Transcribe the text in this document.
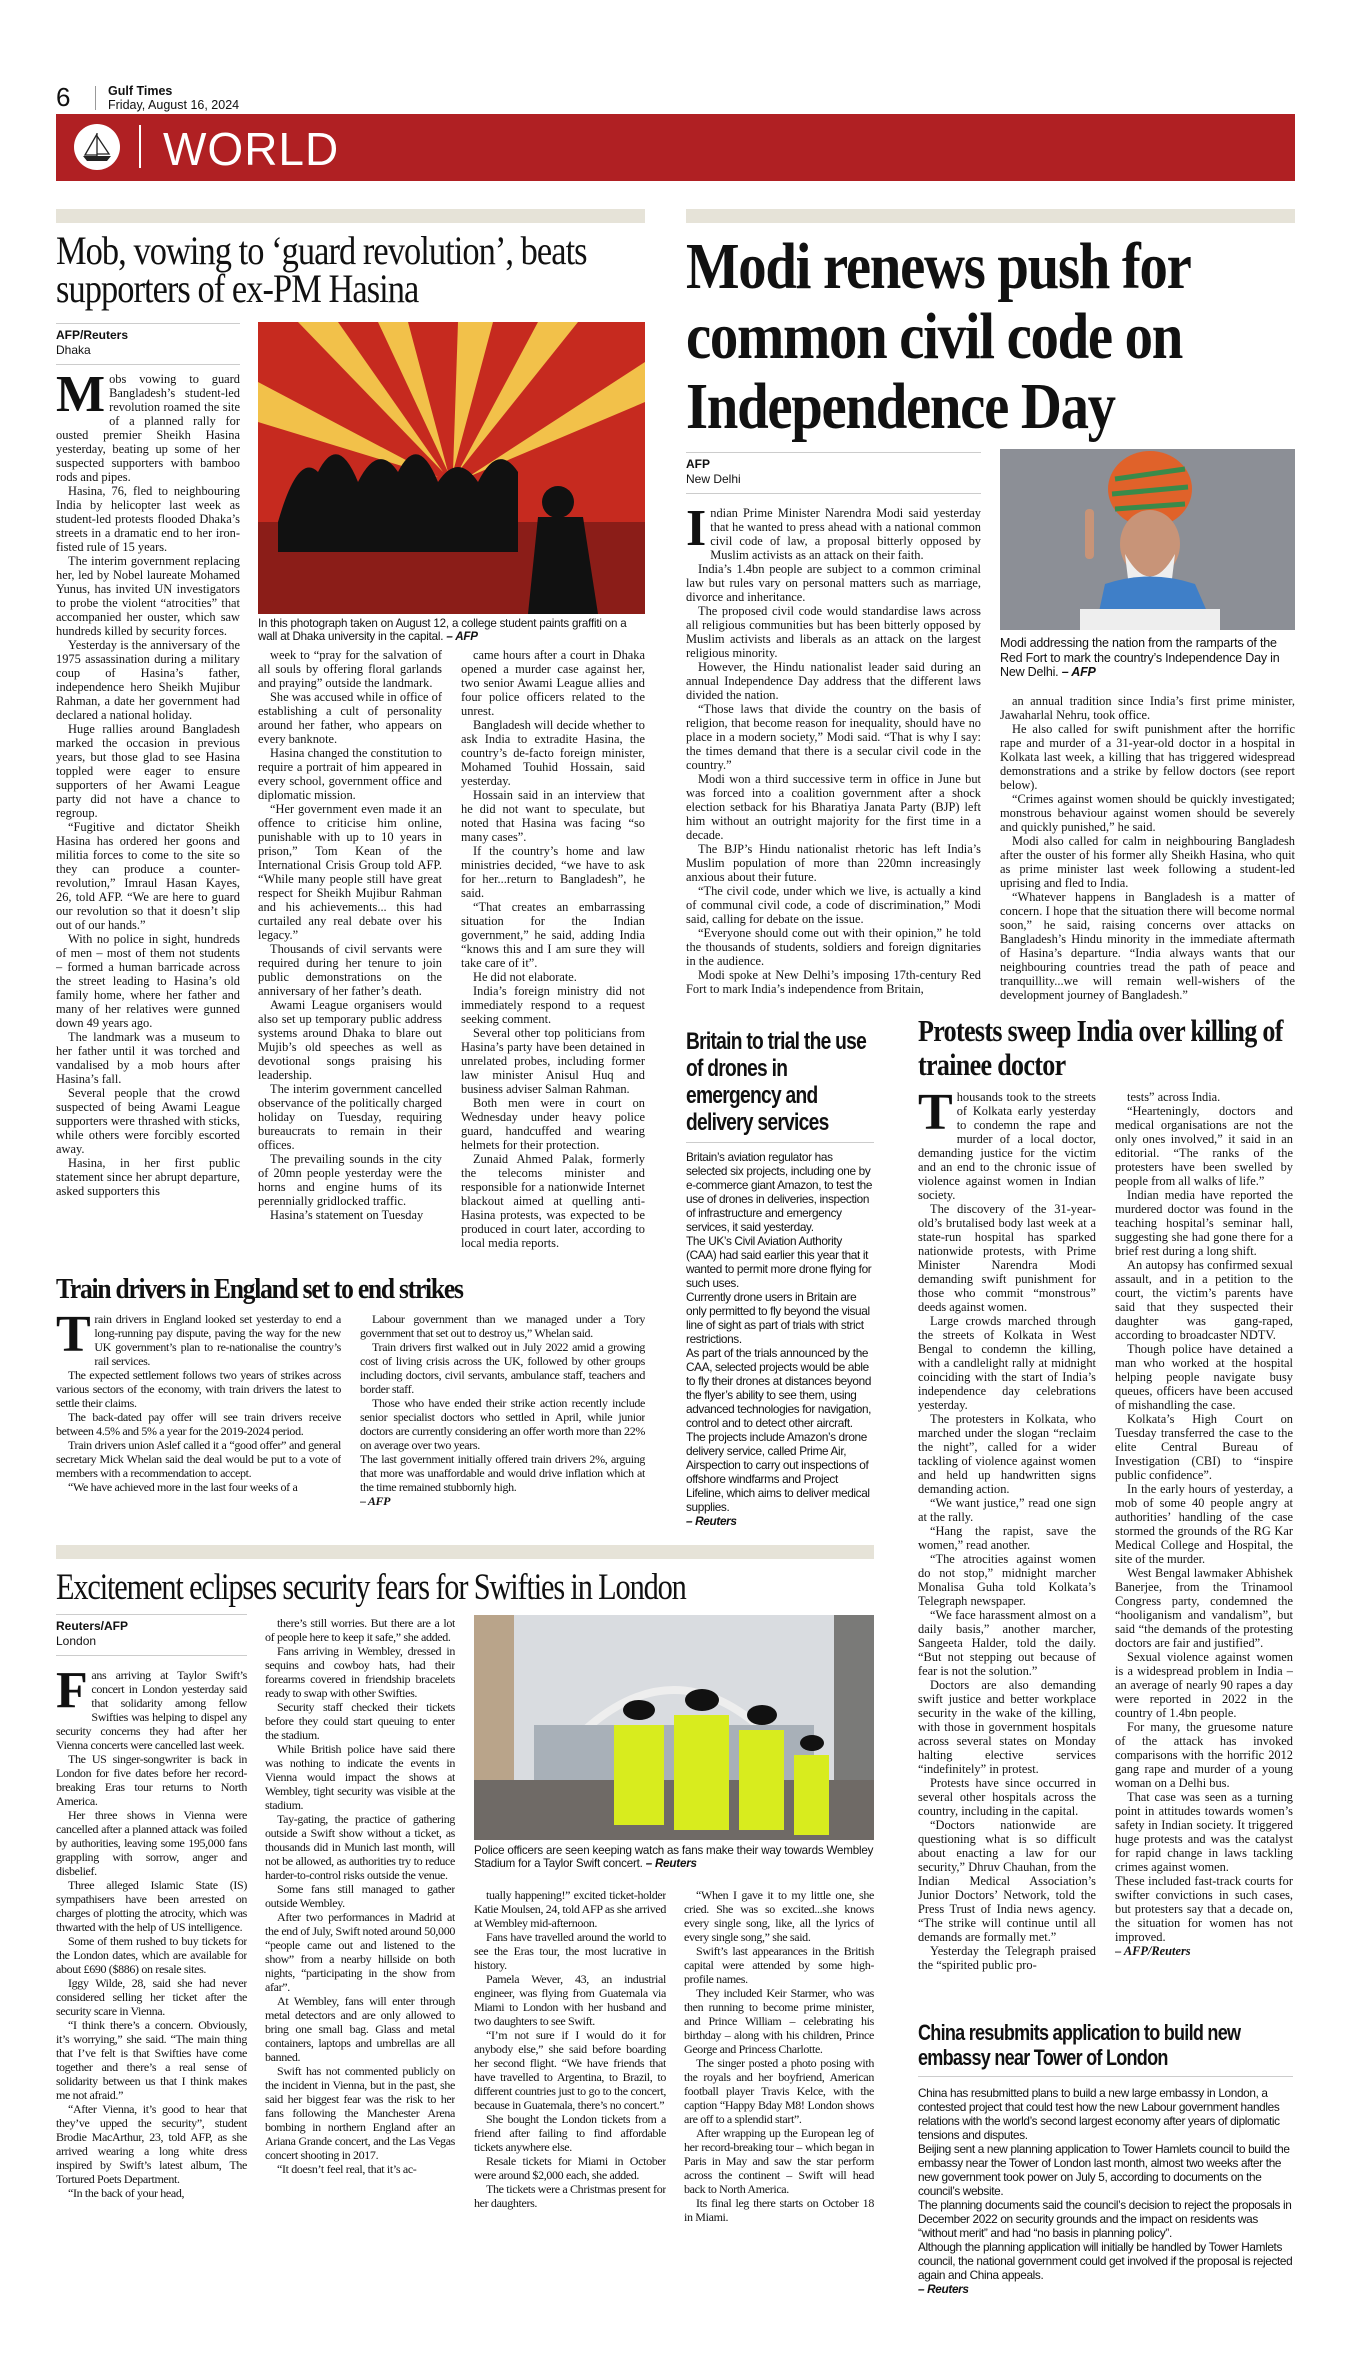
6	Gulf Times
Friday, August 16, 2024
WORLD
Mob, vowing to ‘guard revolution’, beats supporters of ex-PM Hasina
AFP/Reuters
Dhaka
M obs vowing to guard Bangladesh’s student-led revolution roamed the site of a planned rally for ousted premier Sheikh Hasina yesterday, beating up some of her suspected supporters with bamboo rods and pipes.

Hasina, 76, fled to neighbouring India by helicopter last week as student-led protests flooded Dhaka’s streets in a dramatic end to her iron-fisted rule of 15 years.

The interim government replacing her, led by Nobel laureate Mohamed Yunus, has invited UN investigators to probe the violent “atrocities” that accompanied her ouster, which saw hundreds killed by security forces.

Yesterday is the anniversary of the 1975 assassination during a military coup of Hasina’s father, independence hero Sheikh Mujibur Rahman, a date her government had declared a national holiday.

Huge rallies around Bangladesh marked the occasion in previous years, but those glad to see Hasina toppled were eager to ensure supporters of her Awami League party did not have a chance to regroup.

“Fugitive and dictator Sheikh Hasina has ordered her goons and militia forces to come to the site so they can produce a counter-revolution,” Imraul Hasan Kayes, 26, told AFP. “We are here to guard our revolution so that it doesn’t slip out of our hands.”

With no police in sight, hundreds of men – most of them not students – formed a human barricade across the street leading to Hasina’s old family home, where her father and many of her relatives were gunned down 49 years ago.

The landmark was a museum to her father until it was torched and vandalised by a mob hours after Hasina’s fall.

Several people that the crowd suspected of being Awami League supporters were thrashed with sticks, while others were forcibly escorted away.

Hasina, in her first public statement since her abrupt departure, asked supporters this

In this photograph taken on August 12, a college student paints graffiti on a wall at Dhaka university in the capital. – AFP

week to “pray for the salvation of all souls by offering floral garlands and praying” outside the landmark.

She was accused while in office of establishing a cult of personality around her father, who appears on every banknote.

Hasina changed the constitution to require a portrait of him appeared in every school, government office and diplomatic mission.

“Her government even made it an offence to criticise him online, punishable with up to 10 years in prison,” Tom Kean of the International Crisis Group told AFP. “While many people still have great respect for Sheikh Mujibur Rahman and his achievements... this had curtailed any real debate over his legacy.”

Thousands of civil servants were required during her tenure to join public demonstrations on the anniversary of her father’s death.

Awami League organisers would also set up temporary public address systems around Dhaka to blare out Mujib’s old speeches as well as devotional songs praising his leadership.

The interim government cancelled observance of the politically charged holiday on Tuesday, requiring bureaucrats to remain in their offices.

The prevailing sounds in the city of 20mn people yesterday were the horns and engine hums of its perennially gridlocked traffic.

Hasina’s statement on Tuesday

came hours after a court in Dhaka opened a murder case against her, two senior Awami League allies and four police officers related to the unrest.

Bangladesh will decide whether to ask India to extradite Hasina, the country’s de-facto foreign minister, Mohamed Touhid Hossain, said yesterday.

Hossain said in an interview that he did not want to speculate, but noted that Hasina was facing “so many cases”.

If the country’s home and law ministries decided, “we have to ask for her...return to Bangladesh”, he said.

“That creates an embarrassing situation for the Indian government,” he said, adding India “knows this and I am sure they will take care of it”.

He did not elaborate.

India’s foreign ministry did not immediately respond to a request seeking comment.

Several other top politicians from Hasina’s party have been detained in unrelated probes, including former law minister Anisul Huq and business adviser Salman Rahman.

Both men were in court on Wednesday under heavy police guard, handcuffed and wearing helmets for their protection.

Zunaid Ahmed Palak, formerly the telecoms minister and responsible for a nationwide Internet blackout aimed at quelling anti-Hasina protests, was expected to be produced in court later, according to local media reports.

Modi renews push for common civil code on Independence Day
AFP
New Delhi
I ndian Prime Minister Narendra Modi said yesterday that he wanted to press ahead with a national common civil code of law, a proposal bitterly opposed by Muslim activists as an attack on their faith.

India’s 1.4bn people are subject to a common criminal law but rules vary on personal matters such as marriage, divorce and inheritance.

The proposed civil code would standardise laws across all religious communities but has been bitterly opposed by Muslim activists and liberals as an attack on the largest religious minority.

However, the Hindu nationalist leader said during an annual Independence Day address that the different laws divided the nation.

“Those laws that divide the country on the basis of religion, that become reason for inequality, should have no place in a modern society,” Modi said. “That is why I say: the times demand that there is a secular civil code in the country.”

Modi won a third successive term in office in June but was forced into a coalition government after a shock election setback for his Bharatiya Janata Party (BJP) left him without an outright majority for the first time in a decade.

The BJP’s Hindu nationalist rhetoric has left India’s Muslim population of more than 220mn increasingly anxious about their future.

“The civil code, under which we live, is actually a kind of communal civil code, a code of discrimination,” Modi said, calling for debate on the issue.

“Everyone should come out with their opinion,” he told the thousands of students, soldiers and foreign dignitaries in the audience.

Modi spoke at New Delhi’s imposing 17th-century Red Fort to mark India’s independence from Britain,

Modi addressing the nation from the ramparts of the Red Fort to mark the country’s Independence Day in New Delhi. – AFP

an annual tradition since India’s first prime minister, Jawaharlal Nehru, took office.

He also called for swift punishment after the horrific rape and murder of a 31-year-old doctor in a hospital in Kolkata last week, a killing that has triggered widespread demonstrations and a strike by fellow doctors (see report below).

“Crimes against women should be quickly investigated; monstrous behaviour against women should be severely and quickly punished,” he said.

Modi also called for calm in neighbouring Bangladesh after the ouster of his former ally Sheikh Hasina, who quit as prime minister last week following a student-led uprising and fled to India.

“Whatever happens in Bangladesh is a matter of concern. I hope that the situation there will become normal soon,” he said, raising concerns over attacks on Bangladesh’s Hindu minority in the immediate aftermath of Hasina’s departure. “India always wants that our neighbouring countries tread the path of peace and tranquillity...we will remain well-wishers of the development journey of Bangladesh.”

Train drivers in England set to end strikes
T rain drivers in England looked set yesterday to end a long-running pay dispute, paving the way for the new UK government’s plan to re-nationalise the country’s rail services.

The expected settlement follows two years of strikes across various sectors of the economy, with train drivers the latest to settle their claims.

The back-dated pay offer will see train drivers receive between 4.5% and 5% a year for the 2019-2024 period.

Train drivers union Aslef called it a “good offer” and general secretary Mick Whelan said the deal would be put to a vote of members with a recommendation to accept.

“We have achieved more in the last four weeks of a

Labour government than we managed under a Tory government that set out to destroy us,” Whelan said.

Train drivers first walked out in July 2022 amid a growing cost of living crisis across the UK, followed by other groups including doctors, civil servants, ambulance staff, teachers and border staff.

Those who have ended their strike action recently include senior specialist doctors who settled in April, while junior doctors are currently considering an offer worth more than 22% on average over two years.

The last government initially offered train drivers 2%, arguing that more was unaffordable and would drive inflation which at the time remained stubbornly high.

– AFP
Britain to trial the use of drones in emergency and delivery services

Britain’s aviation regulator has selected six projects, including one by e-commerce giant Amazon, to test the use of drones in deliveries, inspection of infrastructure and emergency services, it said yesterday.

The UK’s Civil Aviation Authority (CAA) had said earlier this year that it wanted to permit more drone flying for such uses.

Currently drone users in Britain are only permitted to fly beyond the visual line of sight as part of trials with strict restrictions.

As part of the trials announced by the CAA, selected projects would be able to fly their drones at distances beyond the flyer’s ability to see them, using advanced technologies for navigation, control and to detect other aircraft.

The projects include Amazon’s drone delivery service, called Prime Air, Airspection to carry out inspections of offshore windfarms and Project Lifeline, which aims to deliver medical supplies.

– Reuters
Protests sweep India over killing of trainee doctor
T housands took to the streets of Kolkata early yesterday to condemn the rape and murder of a local doctor, demanding justice for the victim and an end to the chronic issue of violence against women in Indian society.

The discovery of the 31-year-old’s brutalised body last week at a state-run hospital has sparked nationwide protests, with Prime Minister Narendra Modi demanding swift punishment for those who commit “monstrous” deeds against women.

Large crowds marched through the streets of Kolkata in West Bengal to condemn the killing, with a candlelight rally at midnight coinciding with the start of India’s independence day celebrations yesterday.

The protesters in Kolkata, who marched under the slogan “reclaim the night”, called for a wider tackling of violence against women and held up handwritten signs demanding action.

“We want justice,” read one sign at the rally.

“Hang the rapist, save the women,” read another.

“The atrocities against women do not stop,” midnight marcher Monalisa Guha told Kolkata’s Telegraph newspaper.

“We face harassment almost on a daily basis,” another marcher, Sangeeta Halder, told the daily. “But not stepping out because of fear is not the solution.”

Doctors are also demanding swift justice and better workplace security in the wake of the killing, with those in government hospitals across several states on Monday halting elective services “indefinitely” in protest.

Protests have since occurred in several other hospitals across the country, including in the capital.

“Doctors nationwide are questioning what is so difficult about enacting a law for our security,” Dhruv Chauhan, from the Indian Medical Association’s Junior Doctors’ Network, told the Press Trust of India news agency. “The strike will continue until all demands are formally met.”

Yesterday the Telegraph praised the “spirited public pro-

tests” across India.

“Hearteningly, doctors and medical organisations are not the only ones involved,” it said in an editorial. “The ranks of the protesters have been swelled by people from all walks of life.”

Indian media have reported the murdered doctor was found in the teaching hospital’s seminar hall, suggesting she had gone there for a brief rest during a long shift.

An autopsy has confirmed sexual assault, and in a petition to the court, the victim’s parents have said that they suspected their daughter was gang-raped, according to broadcaster NDTV.

Though police have detained a man who worked at the hospital helping people navigate busy queues, officers have been accused of mishandling the case.

Kolkata’s High Court on Tuesday transferred the case to the elite Central Bureau of Investigation (CBI) to “inspire public confidence”.

In the early hours of yesterday, a mob of some 40 people angry at authorities’ handling of the case stormed the grounds of the RG Kar Medical College and Hospital, the site of the murder.

West Bengal lawmaker Abhishek Banerjee, from the Trinamool Congress party, condemned the “hooliganism and vandalism”, but said “the demands of the protesting doctors are fair and justified”.

Sexual violence against women is a widespread problem in India – an average of nearly 90 rapes a day were reported in 2022 in the country of 1.4bn people.

For many, the gruesome nature of the attack has invoked comparisons with the horrific 2012 gang rape and murder of a young woman on a Delhi bus.

That case was seen as a turning point in attitudes towards women’s safety in Indian society. It triggered huge protests and was the catalyst for rapid change in laws tackling crimes against women.

These included fast-track courts for swifter convictions in such cases, but protesters say that a decade on, the situation for women has not improved.

– AFP/Reuters
Excitement eclipses security fears for Swifties in London
Reuters/AFP
London
F ans arriving at Taylor Swift’s concert in London yesterday said that solidarity among fellow Swifties was helping to dispel any security concerns they had after her Vienna concerts were cancelled last week.

The US singer-songwriter is back in London for five dates before her record-breaking Eras tour returns to North America.

Her three shows in Vienna were cancelled after a planned attack was foiled by authorities, leaving some 195,000 fans grappling with sorrow, anger and disbelief.

Three alleged Islamic State (IS) sympathisers have been arrested on charges of plotting the atrocity, which was thwarted with the help of US intelligence.

Some of them rushed to buy tickets for the London dates, which are available for about £690 ($886) on resale sites.

Iggy Wilde, 28, said she had never considered selling her ticket after the security scare in Vienna.

“I think there’s a concern. Obviously, it’s worrying,” she said. “The main thing that I’ve felt is that Swifties have come together and there’s a real sense of solidarity between us that I think makes me not afraid.”

“After Vienna, it’s good to hear that they’ve upped the security”, student Brodie MacArthur, 23, told AFP, as she arrived wearing a long white dress inspired by Swift’s latest album, The Tortured Poets Department.

“In the back of your head,

there’s still worries. But there are a lot of people here to keep it safe,” she added.

Fans arriving in Wembley, dressed in sequins and cowboy hats, had their forearms covered in friendship bracelets ready to swap with other Swifties.

Security staff checked their tickets before they could start queuing to enter the stadium.

While British police have said there was nothing to indicate the events in Vienna would impact the shows at Wembley, tight security was visible at the stadium.

Tay-gating, the practice of gathering outside a Swift show without a ticket, as thousands did in Munich last month, will not be allowed, as authorities try to reduce harder-to-control risks outside the venue.

Some fans still managed to gather outside Wembley.

After two performances in Madrid at the end of July, Swift noted around 50,000 “people came out and listened to the show” from a nearby hillside on both nights, “participating in the show from afar”.

At Wembley, fans will enter through metal detectors and are only allowed to bring one small bag. Glass and metal containers, laptops and umbrellas are all banned.

Swift has not commented publicly on the incident in Vienna, but in the past, she said her biggest fear was the risk to her fans following the Manchester Arena bombing in northern England after an Ariana Grande concert, and the Las Vegas concert shooting in 2017.

“It doesn’t feel real, that it’s ac-

Police officers are seen keeping watch as fans make their way towards Wembley Stadium for a Taylor Swift concert. – Reuters

tually happening!” excited ticket-holder Katie Moulsen, 24, told AFP as she arrived at Wembley mid-afternoon.

Fans have travelled around the world to see the Eras tour, the most lucrative in history.

Pamela Wever, 43, an industrial engineer, was flying from Guatemala via Miami to London with her husband and two daughters to see Swift.

“I’m not sure if I would do it for anybody else,” she said before boarding her second flight. “We have friends that have travelled to Argentina, to Brazil, to different countries just to go to the concert, because in Guatemala, there’s no concert.”

She bought the London tickets from a friend after failing to find affordable tickets anywhere else.

Resale tickets for Miami in October were around $2,000 each, she added.

The tickets were a Christmas present for her daughters.

“When I gave it to my little one, she cried. She was so excited...she knows every single song, like, all the lyrics of every single song,” she said.

Swift’s last appearances in the British capital were attended by some high-profile names.

They included Keir Starmer, who was then running to become prime minister, and Prince William – celebrating his birthday – along with his children, Prince George and Princess Charlotte.

The singer posted a photo posing with the royals and her boyfriend, American football player Travis Kelce, with the caption “Happy Bday M8! London shows are off to a splendid start”.

After wrapping up the European leg of her record-breaking tour – which began in Paris in May and saw the star perform across the continent – Swift will head back to North America.

Its final leg there starts on October 18 in Miami.

China resubmits application to build new embassy near Tower of London

China has resubmitted plans to build a new large embassy in London, a contested project that could test how the new Labour government handles relations with the world’s second largest economy after years of diplomatic tensions and disputes.

Beijing sent a new planning application to Tower Hamlets council to build the embassy near the Tower of London last month, almost two weeks after the new government took power on July 5, according to documents on the council’s website.

The planning documents said the council’s decision to reject the proposals in December 2022 on security grounds and the impact on residents was “without merit” and had “no basis in planning policy”.

Although the planning application will initially be handled by Tower Hamlets council, the national government could get involved if the proposal is rejected again and China appeals.

– Reuters
